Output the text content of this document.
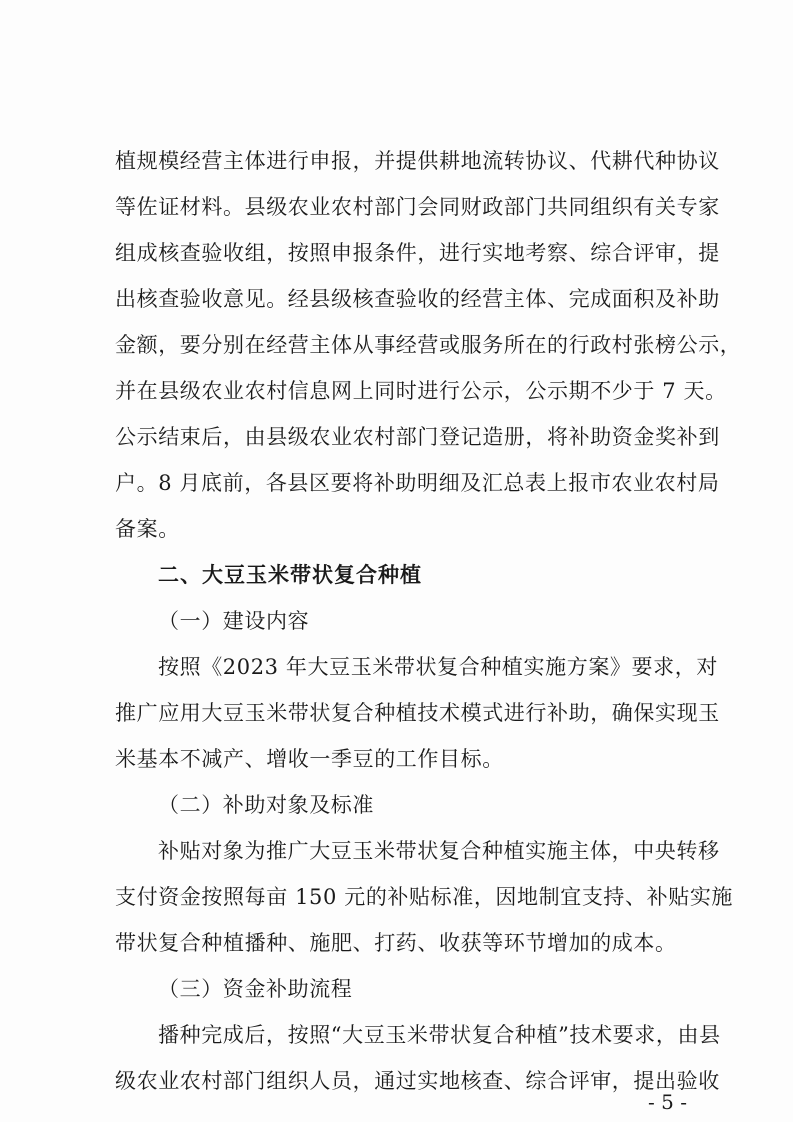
植规模经营主体进行申报，并提供耕地流转协议、代耕代种协议
等佐证材料。县级农业农村部门会同财政部门共同组织有关专家
组成核查验收组，按照申报条件，进行实地考察、综合评审，提
出核查验收意见。经县级核查验收的经营主体、完成面积及补助
金额，要分别在经营主体从事经营或服务所在的行政村张榜公示，
并在县级农业农村信息网上同时进行公示，公示期不少于 7 天。
公示结束后，由县级农业农村部门登记造册，将补助资金奖补到
户。8 月底前，各县区要将补助明细及汇总表上报市农业农村局
备案。
二、大豆玉米带状复合种植
（一）建设内容
按照《2023 年大豆玉米带状复合种植实施方案》要求，对
推广应用大豆玉米带状复合种植技术模式进行补助，确保实现玉
米基本不减产、增收一季豆的工作目标。
（二）补助对象及标准
补贴对象为推广大豆玉米带状复合种植实施主体，中央转移
支付资金按照每亩 150 元的补贴标准，因地制宜支持、补贴实施
带状复合种植播种、施肥、打药、收获等环节增加的成本。
（三）资金补助流程
播种完成后，按照“大豆玉米带状复合种植”技术要求，由县
级农业农村部门组织人员，通过实地核查、综合评审，提出验收
- 5 -
